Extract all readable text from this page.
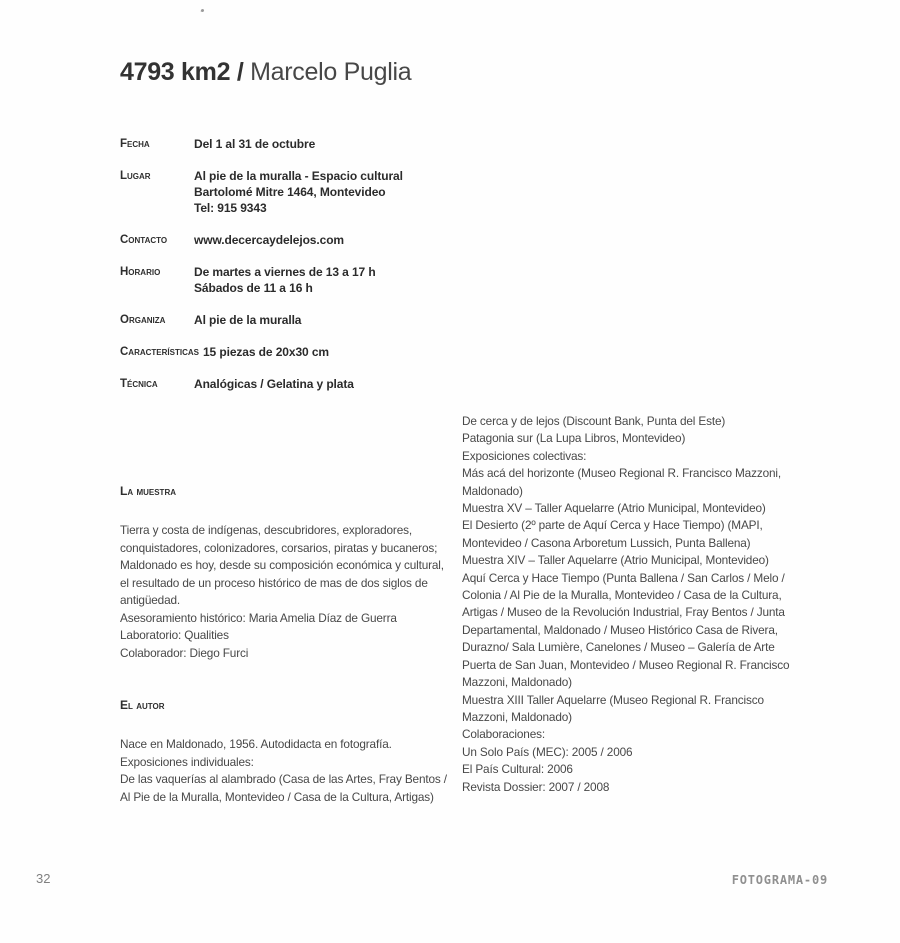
4793 km2 / Marcelo Puglia
Fecha	Del 1 al 31 de octubre
Lugar	Al pie de la muralla - Espacio cultural
Bartolomé Mitre 1464, Montevideo
Tel: 915 9343
Contacto	www.decercaydelejos.com
Horario	De martes a viernes de 13 a 17 h
Sábados de 11 a 16 h
Organiza	Al pie de la muralla
Características 15 piezas de 20x30 cm
Técnica	Analógicas / Gelatina y plata
La muestra
Tierra y costa de indígenas, descubridores, exploradores,
conquistadores, colonizadores, corsarios, piratas y bucaneros;
Maldonado es hoy, desde su composición económica y cultural,
el resultado de un proceso histórico de mas de dos siglos de
antigüedad.
Asesoramiento histórico: Maria Amelia Díaz de Guerra
Laboratorio: Qualities
Colaborador: Diego Furci
El autor
Nace en Maldonado, 1956. Autodidacta en fotografía.
Exposiciones individuales:
De las vaquerías al alambrado (Casa de las Artes, Fray Bentos /
Al Pie de la Muralla, Montevideo / Casa de la Cultura, Artigas)
De cerca y de lejos (Discount Bank, Punta del Este)
Patagonia sur (La Lupa Libros, Montevideo)
Exposiciones colectivas:
Más acá del horizonte (Museo Regional R. Francisco Mazzoni,
Maldonado)
Muestra XV – Taller Aquelarre (Atrio Municipal, Montevideo)
El Desierto (2º parte de Aquí Cerca y Hace Tiempo) (MAPI,
Montevideo / Casona Arboretum Lussich, Punta Ballena)
Muestra XIV – Taller Aquelarre (Atrio Municipal, Montevideo)
Aquí Cerca y Hace Tiempo (Punta Ballena / San Carlos / Melo /
Colonia / Al Pie de la Muralla, Montevideo / Casa de la Cultura,
Artigas / Museo de la Revolución Industrial, Fray Bentos / Junta
Departamental, Maldonado / Museo Histórico Casa de Rivera,
Durazno/ Sala Lumière, Canelones / Museo – Galería de Arte
Puerta de San Juan, Montevideo / Museo Regional R. Francisco
Mazzoni, Maldonado)
Muestra XIII Taller Aquelarre (Museo Regional R. Francisco
Mazzoni, Maldonado)
Colaboraciones:
Un Solo País (MEC): 2005 / 2006
El País Cultural: 2006
Revista Dossier: 2007 / 2008
32	FOTOGRAMA-09
